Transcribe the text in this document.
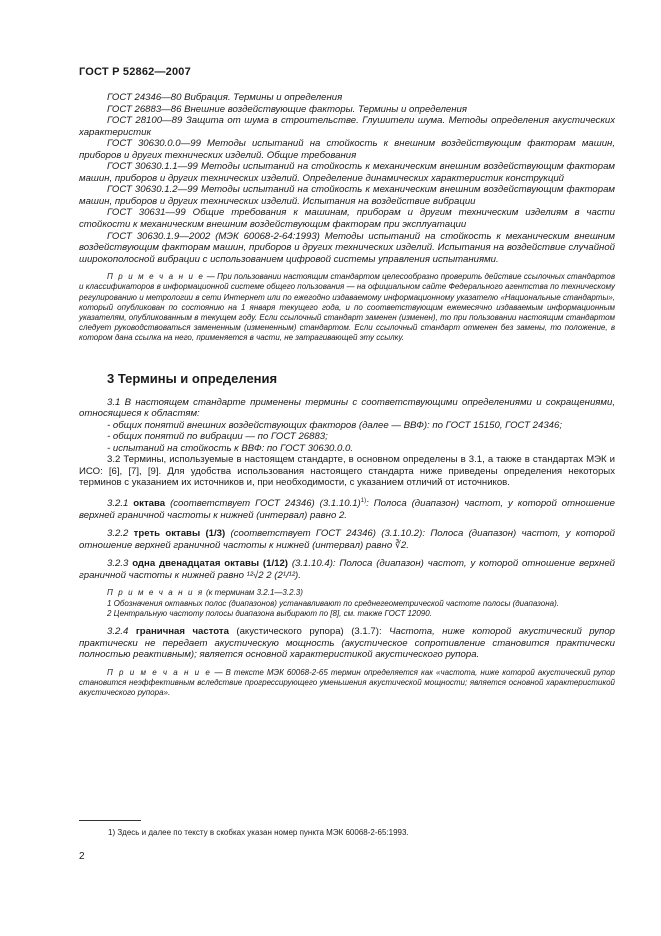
ГОСТ Р 52862—2007

ГОСТ 24346—80 Вибрация. Термины и определения

ГОСТ 26883—86 Внешние воздействующие факторы. Термины и определения

ГОСТ 28100—89 Защита от шума в строительстве. Глушители шума. Методы определения акустических характеристик

ГОСТ 30630.0.0—99 Методы испытаний на стойкость к внешним воздействующим факторам машин, приборов и других технических изделий. Общие требования

ГОСТ 30630.1.1—99 Методы испытаний на стойкость к механическим внешним воздействующим факторам машин, приборов и других технических изделий. Определение динамических характеристик конструкций

ГОСТ 30630.1.2—99 Методы испытаний на стойкость к механическим внешним воздействующим факторам машин, приборов и других технических изделий. Испытания на воздействие вибрации

ГОСТ 30631—99 Общие требования к машинам, приборам и другим техническим изделиям в части стойкости к механическим внешним воздействующим факторам при эксплуатации

ГОСТ 30630.1.9—2002 (МЭК 60068-2-64:1993) Методы испытаний на стойкость к механическим внешним воздействующим факторам машин, приборов и других технических изделий. Испытания на воздействие случайной широкополосной вибрации с использованием цифровой системы управления испытаниями.

П р и м е ч а н и е — При пользовании настоящим стандартом целесообразно проверить действие ссылочных стандартов и классификаторов в информационной системе общего пользования — на официальном сайте Федерального агентства по техническому регулированию и метрологии в сети Интернет или по ежегодно издаваемому информационному указателю «Национальные стандарты», который опубликован по состоянию на 1 января текущего года, и по соответствующим ежемесячно издаваемым информационным указателям, опубликованным в текущем году. Если ссылочный стандарт заменен (изменен), то при пользовании настоящим стандартом следует руководствоваться замененным (измененным) стандартом. Если ссылочный стандарт отменен без замены, то положение, в котором дана ссылка на него, применяется в части, не затрагивающей эту ссылку.

3 Термины и определения

3.1 В настоящем стандарте применены термины с соответствующими определениями и сокращениями, относящиеся к областям:

- общих понятий внешних воздействующих факторов (далее — ВВФ): по ГОСТ 15150, ГОСТ 24346;

- общих понятий по вибрации — по ГОСТ 26883;

- испытаний на стойкость к ВВФ: по ГОСТ 30630.0.0.

3.2 Термины, используемые в настоящем стандарте, в основном определены в 3.1, а также в стандартах МЭК и ИСО: [6], [7], [9]. Для удобства использования настоящего стандарта ниже приведены определения некоторых терминов с указанием их источников и, при необходимости, с указанием отличий от источников.

3.2.1 октава (соответствует ГОСТ 24346) $(3.1.10.1)^{1)}$: Полоса (диапазон) частот, у которой отношение верхней граничной частоты к нижней (интервал) равно 2.

3.2.2 треть октавы (1/3) (соответствует ГОСТ 24346) (3.1.10.2): Полоса (диапазон) частот, у которой отношение верхней граничной частоты к нижней (интервал) равно ∛2.

3.2.3 одна двенадцатая октавы (1/12) (3.1.10.4): Полоса (диапазон) частот, у которой отношение верхней граничной частоты к нижней равно ¹²√2 2 (2¹/¹²).

П р и м е ч а н и я (к терминам 3.2.1—3.2.3)

1 Обозначения октавных полос (диапазонов) устанавливают по среднегеометрической частоте полосы (диапазона).

2 Центральную частоту полосы диапазона выбирают по [8], см. также ГОСТ 12090.

3.2.4 граничная частота (акустического рупора) (3.1.7): Частота, ниже которой акустический рупор практически не передает акустическую мощность (акустическое сопротивление становится практически полностью реактивным); является основной характеристикой акустического рупора.

П р и м е ч а н и е — В тексте МЭК 60068-2-65 термин определяется как «частота, ниже которой акустический рупор становится неэффективным вследствие прогрессирующего уменьшения акустической мощности; является основной характеристикой акустического рупора».

1) Здесь и далее по тексту в скобках указан номер пункта МЭК 60068-2-65:1993.
2
